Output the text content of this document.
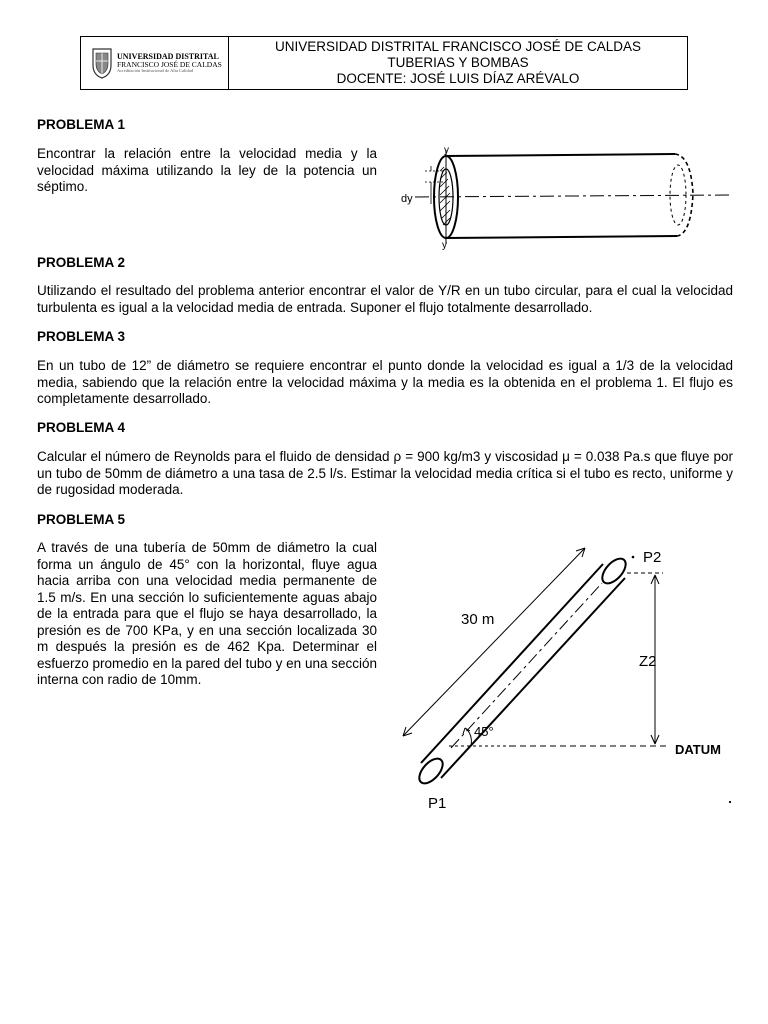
UNIVERSIDAD DISTRITAL
FRANCISCO JOSÉ DE CALDAS
Acreditación Institucional de Alta Calidad
UNIVERSIDAD DISTRITAL FRANCISCO JOSÉ DE CALDAS
TUBERIAS Y BOMBAS
DOCENTE: JOSÉ LUIS DÍAZ ARÉVALO
PROBLEMA 1
Encontrar la relación entre la velocidad media y la velocidad máxima utilizando la ley de la potencia un séptimo.
y
dy
y
PROBLEMA 2
Utilizando el resultado del problema anterior encontrar el valor de Y/R en un tubo circular, para el cual la velocidad turbulenta es igual a la velocidad media de entrada. Suponer el flujo totalmente desarrollado.
PROBLEMA 3
En un tubo de 12” de diámetro se requiere encontrar el punto donde la velocidad es igual a 1/3 de la velocidad media, sabiendo que la relación entre la velocidad máxima y la media es la obtenida en el problema 1. El flujo es completamente desarrollado.
PROBLEMA 4
Calcular el número de Reynolds para el fluido de densidad ρ = 900 kg/m3 y viscosidad μ = 0.038 Pa.s que fluye por un tubo de 50mm de diámetro a una tasa de 2.5 l/s. Estimar la velocidad media crítica si el tubo es recto, uniforme y de rugosidad moderada.
PROBLEMA 5
A través de una tubería de 50mm de diámetro la cual forma un ángulo de 45° con la horizontal, fluye agua hacia arriba con una velocidad media permanente de 1.5 m/s. En una sección lo suficientemente aguas abajo de la entrada para que el flujo se haya desarrollado, la presión es de 700 KPa, y en una sección localizada 30 m después la presión es de 462 Kpa. Determinar el esfuerzo promedio en la pared del tubo y en una sección interna con radio de 10mm.
30 m
45°
DATUM
Z2
P2
P1
